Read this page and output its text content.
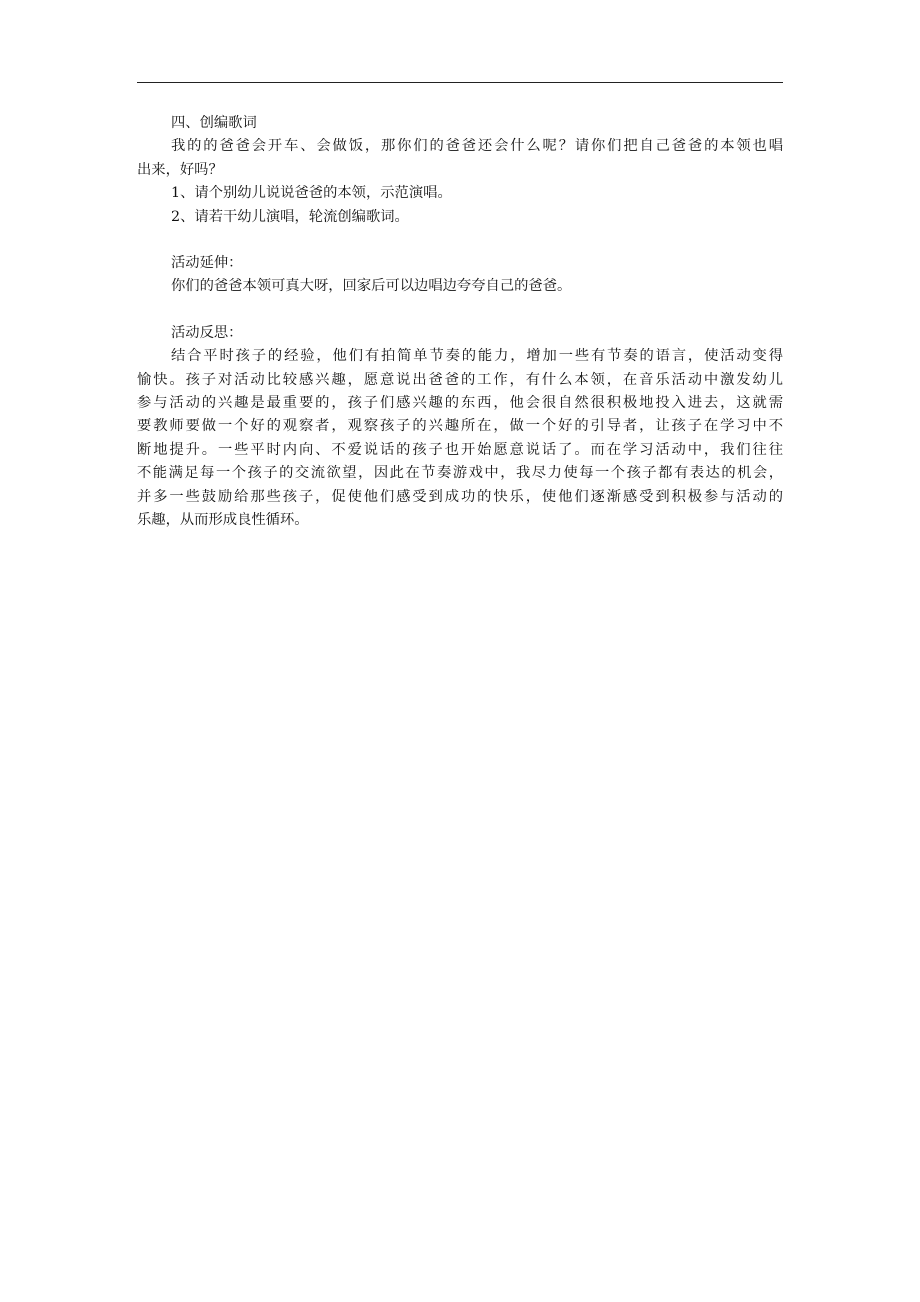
四、创编歌词

我的的爸爸会开车、会做饭，那你们的爸爸还会什么呢？请你们把自己爸爸的本领也唱

出来，好吗？

1、请个别幼儿说说爸爸的本领，示范演唱。

2、请若干幼儿演唱，轮流创编歌词。

活动延伸：

你们的爸爸本领可真大呀，回家后可以边唱边夸夸自己的爸爸。

活动反思：

结合平时孩子的经验，他们有拍简单节奏的能力，增加一些有节奏的语言，使活动变得

愉快。孩子对活动比较感兴趣，愿意说出爸爸的工作，有什么本领，在音乐活动中激发幼儿

参与活动的兴趣是最重要的，孩子们感兴趣的东西，他会很自然很积极地投入进去，这就需

要教师要做一个好的观察者，观察孩子的兴趣所在，做一个好的引导者，让孩子在学习中不

断地提升。一些平时内向、不爱说话的孩子也开始愿意说话了。而在学习活动中，我们往往

不能满足每一个孩子的交流欲望，因此在节奏游戏中，我尽力使每一个孩子都有表达的机会，

并多一些鼓励给那些孩子，促使他们感受到成功的快乐，使他们逐渐感受到积极参与活动的

乐趣，从而形成良性循环。
